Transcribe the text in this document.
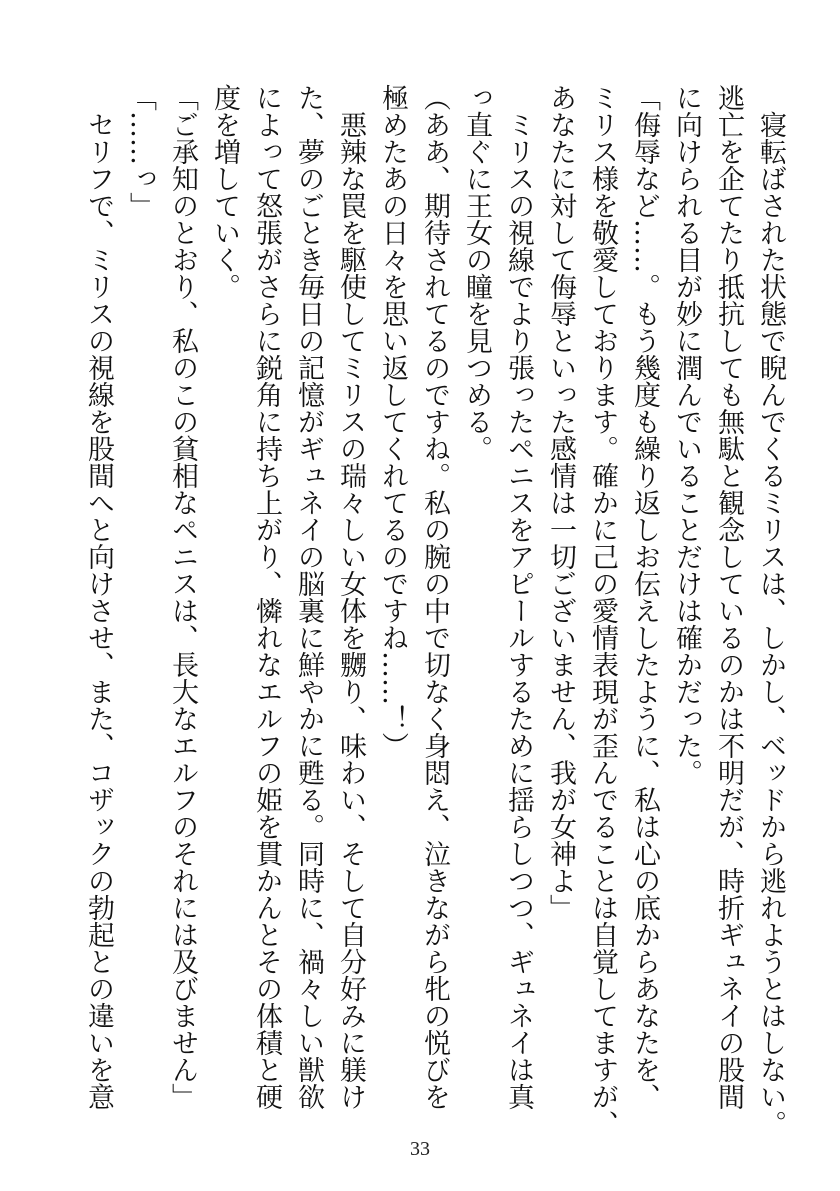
　寝転ばされた状態で睨んでくるミリスは、しかし、ベッドから逃れようとはしない。
逃亡を企てたり抵抗しても無駄と観念しているのかは不明だが、時折ギュネイの股間
に向けられる目が妙に潤んでいることだけは確かだった。
「侮辱など……。もう幾度も繰り返しお伝えしたように、私は心の底からあなたを、
ミリス様を敬愛しております。確かに己の愛情表現が歪んでることは自覚してますが、
あなたに対して侮辱といった感情は一切ございません、我が女神よ」
　ミリスの視線でより張ったペニスをアピールするために揺らしつつ、ギュネイは真
っ直ぐに王女の瞳を見つめる。
（ああ、期待されてるのですね。私の腕の中で切なく身悶え、泣きながら牝の悦びを
極めたあの日々を思い返してくれてるのですね……！）
　悪辣な罠を駆使してミリスの瑞々しい女体を嬲り、味わい、そして自分好みに躾け
た、夢のごとき毎日の記憶がギュネイの脳裏に鮮やかに甦る。同時に、禍々しい獣欲
によって怒張がさらに鋭角に持ち上がり、憐れなエルフの姫を貫かんとその体積と硬
度を増していく。
「ご承知のとおり、私のこの貧相なペニスは、長大なエルフのそれには及びません」
「……っ」
　セリフで、ミリスの視線を股間へと向けさせ、また、コザックの勃起との違いを意
33
